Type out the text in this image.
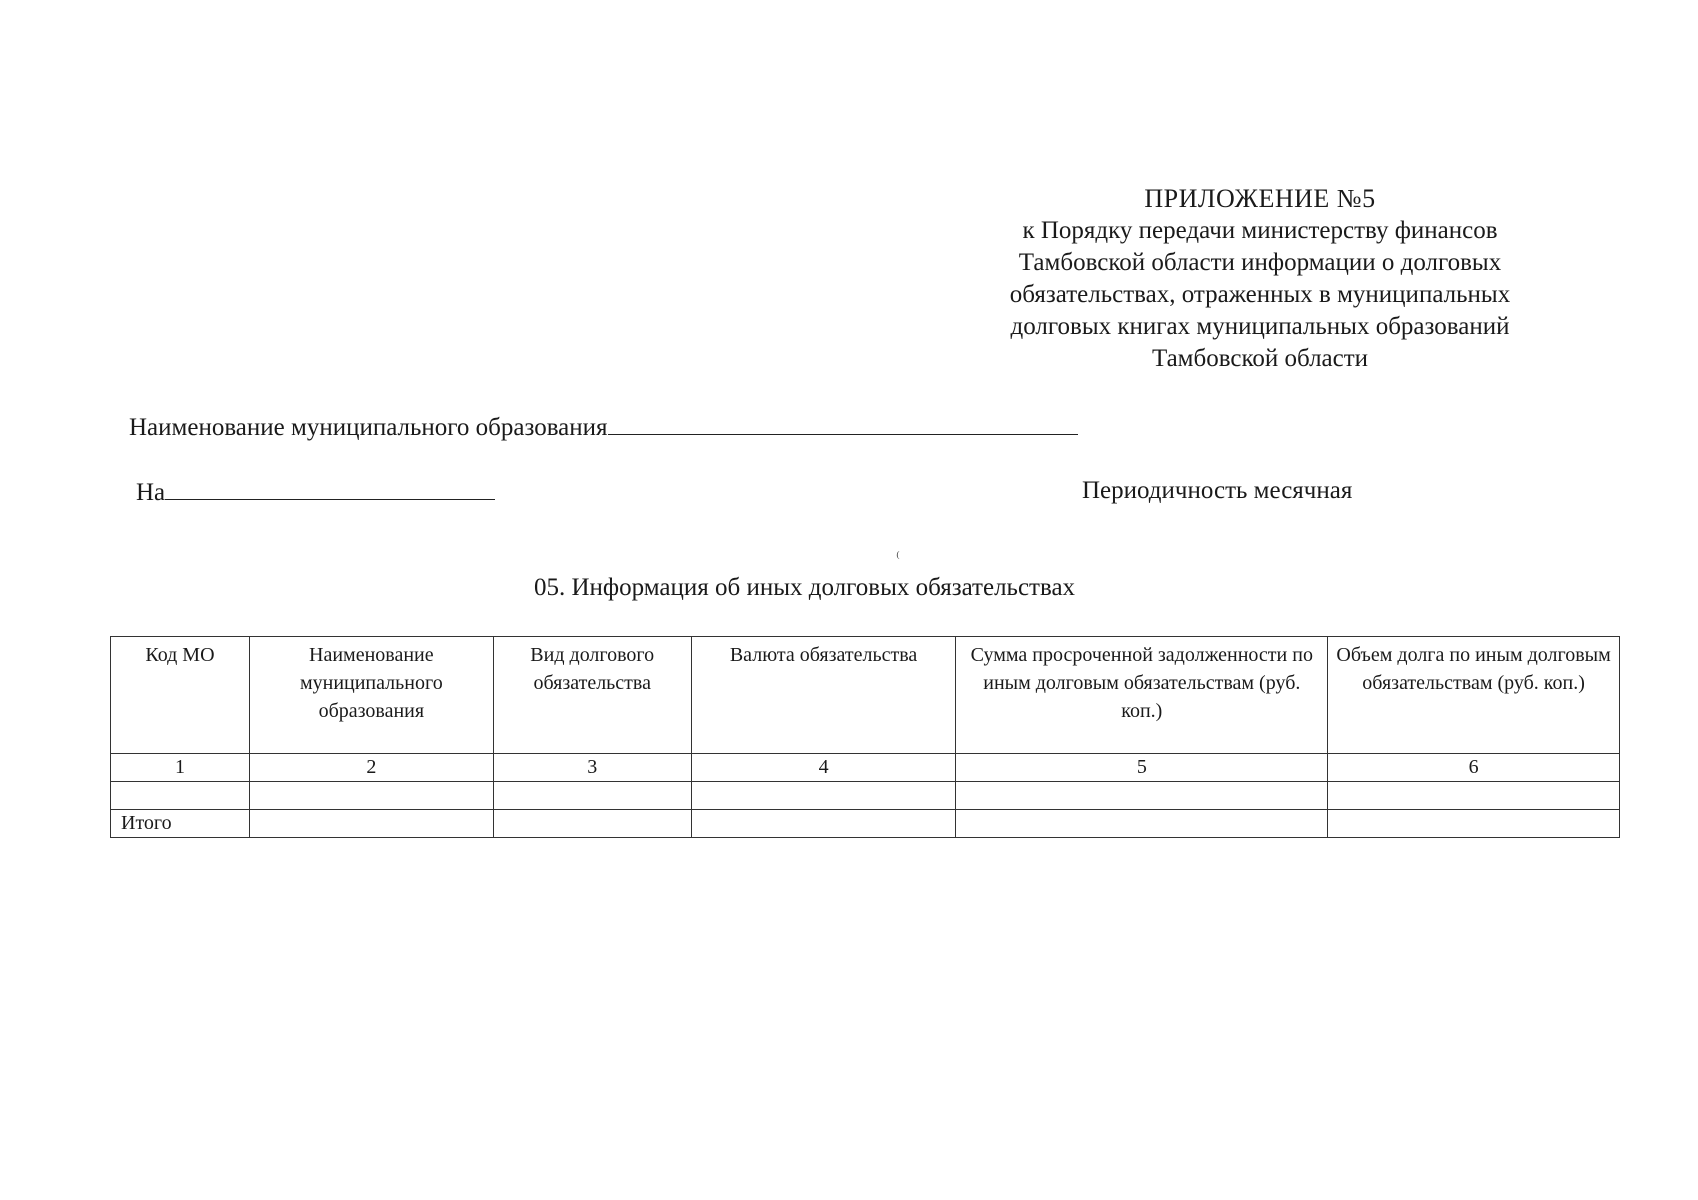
ПРИЛОЖЕНИЕ №5
к Порядку передачи министерству финансов
Тамбовской области информации о долговых
обязательствах, отраженных в муниципальных
долговых книгах муниципальных образований
Тамбовской области
Наименование муниципального образования
На	Периодичность месячная
⁽
05. Информация об иных долговых обязательствах
Код МО	Наименование муниципального образования	Вид долгового обязательства	Валюта обязательства	Сумма просроченной задолженности по иным долговым обязательствам (руб. коп.)	Объем долга по иным долговым обязательствам (руб. коп.)
1	2	3	4	5	6

Итого					
